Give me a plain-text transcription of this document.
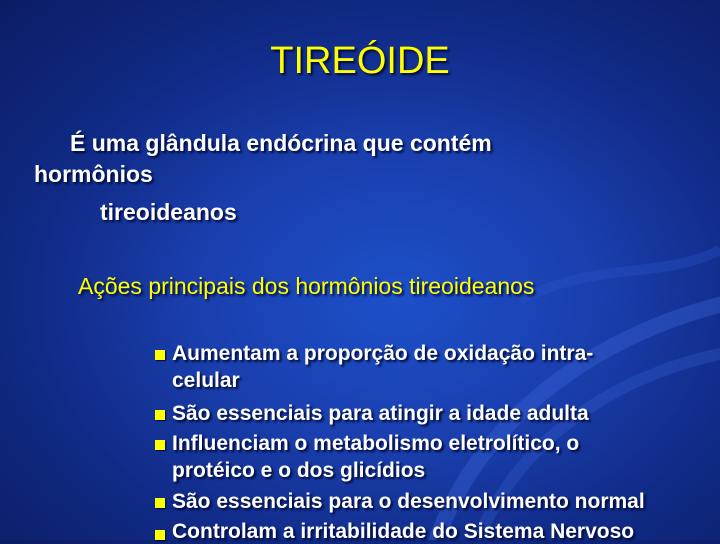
TIREÓIDE
É uma glândula endócrina que contém
hormônios
tireoideanos
Ações principais dos hormônios tireoideanos
Aumentam a proporção de oxidação intra-
celular
São essenciais para atingir a idade adulta
Influenciam o metabolismo eletrolítico, o
protéico e o dos glicídios
São essenciais para o desenvolvimento normal
Controlam a irritabilidade do Sistema Nervoso
